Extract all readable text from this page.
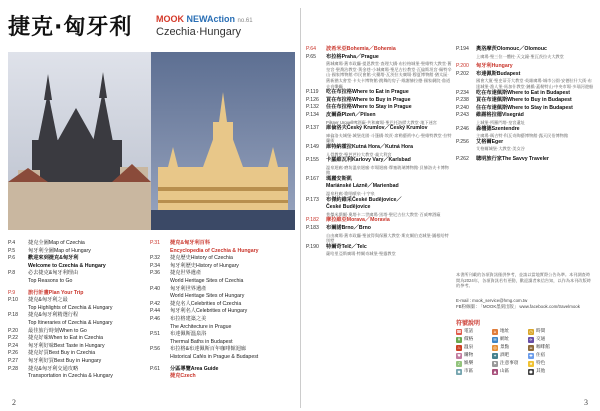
捷克·匈牙利	MOOK NEWAction no.61
Czechia·Hungary
P.4	捷克全圖Map of Czechia
P.5	匈牙利全圖Map of Hungary
P.6	歡迎來到捷克&匈牙利
Welcome to Czechia & Hungary
P.8	必去捷克&匈牙利理由
Top Reasons to Go
P.9	旅行計畫Plan Your Trip
P.10	捷克&匈牙利之最
Top Highlights of Czechia & Hungary
P.18	捷克&匈牙利精選行程
Top Itineraries of Czechia & Hungary
P.20	最佳旅行時刻When to Go
P.22	捷克好味When to Eat in Czechia
P.24	匈牙利好味Best Taste in Hungary
P.26	捷克好買Best Buy in Czechia
P.27	匈牙利好買Best Buy in Hungary
P.28	捷克&匈牙利交通攻略
Transportation in Czechia & Hungary
P.31	捷克&匈牙利百科
Encyclopedia of Czechia & Hungary
P.32	捷克歷史History of Czechia
P.34	匈牙利歷史History of Hungary
P.36	捷克世界遺產
World Heritage Sites of Czechia
P.40	匈牙利世界遺產
World Heritage Sites of Hungary
P.42	捷克名人Celebrities of Czechia
P.44	匈牙利名人Celebrities of Hungary
P.46	布拉格建築之美
The Architecture in Prague
P.51	布達佩斯溫泉浴
Thermal Baths in Budapest
P.56	布拉格&布達佩斯百年咖啡館迴廊
Historical Cafés in Prague & Budapest
P.61	分區導覽Area Guide
捷克Czech
P.64	波希米亞Bohemia／Bohemia
P.65	布拉格Praha／Prague
舊城廣場·舊市政廳·提恩教堂·查理大橋·布拉格城堡·聖維特大教堂·舊皇宮·聖喬治教堂·黃金巷·小城廣場·聖尼古拉教堂·瓦倫斯坦宮·佩特辛山·國家博物館·市民會館·火藥塔·瓦茨拉夫廣場·穆夏博物館·猶太區·舊新猶太會堂·卡夫卡博物館·跳舞的房子·維謝赫拉德·國家劇院·魯道夫音樂廳
P.119	吃在布拉格Where to Eat in Prague
P.126	買在布拉格Where to Buy in Prague
P.132	住在布拉格Where to Stay in Prague
P.134	皮爾森Plzeň／Pilsen
Pilsner Urquell啤酒廠·共和廣場·聖巴托洛繆大教堂·地下迷宮
P.137	庫倫洛夫Český Krumlov／Český Krumlov
庫倫洛夫城堡·城堡花園·斗篷橋·埃貢·席勒藝術中心·聖維特教堂·拉特蘭街
P.149	庫特納霍拉Kutná Hora／Kutná Hora
人骨教堂·聖芭芭拉大教堂·義大利宮
P.155	卡羅維瓦利Karlovy Vary／Karlsbad
溫泉迴廊·磨坊溫泉迴廊·市場迴廊·摩塞玻璃博物館·貝赫洛夫卡博物館
P.167	瑪麗安斯凱
Mariánské Lázně／Marienbad
溫泉柱廊·歌唱噴泉·十字泉
P.173	布傑約維采České Budějovice／
České Budějovice
普傑米斯爾·奧塔卡二世廣場·黑塔·聖尼古拉大教堂·百威啤酒廠
P.182	摩拉維亞Morava／Moravia
P.183	布爾諾Brno／Brno
自由廣場·舊市政廳·聖彼得與保羅大教堂·斯皮爾伯克城堡·圖根哈特別墅
P.190	特爾奇Telč／Telc
薩哈里亞斯廣場·特爾奇城堡·聖靈教堂
P.194	奧洛摩茨Olomouc／Olomouc
上廣場·聖三位一體柱·天文鐘·聖瓦茨拉夫大教堂
P.200	匈牙利Hungary
P.202	布達佩斯Budapest
國會大廈·聖史蒂芬大教堂·英雄廣場·城市公園·安德拉什大街·布達城堡·漁人堡·馬加什教堂·鏈橋·蓋勒特山·中央市場·多瑙河遊船
P.234	吃在布達佩斯Where to Eat in Budapest
P.238	買在布達佩斯Where to Buy in Budapest
P.240	住在布達佩斯Where to Stay in Budapest
P.243	維謝格拉德Visegrád
上城堡·所羅門塔·皇宮遺址
P.246	森檀德Szentendre
主廣場·瑪吉特·科瓦奇陶藝博物館·露天民俗博物館
P.256	艾格爾Eger
艾格爾城堡·大教堂·美女谷
P.262	聰明旅行家The Savvy Traveler
本書所刊載的各項資訊僅供參考，並請以當地實際公告為準。本刊調查時間為2024年，各項資訊若有更動，歡迎讀者來信告知，以作為本刊改版時的參考。
E-mail : mook_service@hmg.com.tw
FB粉絲團 : 「MOOK墨刻出版」 www.facebook.com/travelmook
符號說明
☎ 電話	⌂ 地址	◷ 時間
¥ 價格	✉ 網址	✈ 交通
♨ 溫泉	◎ 景點	☕ 咖啡館
♥ 購物	✦ 酒吧	✚ 住宿
♪ 娛樂	⚑ 注意事項	★ 特色
◆ 市區	▲ 山區	● 其他
2	3
